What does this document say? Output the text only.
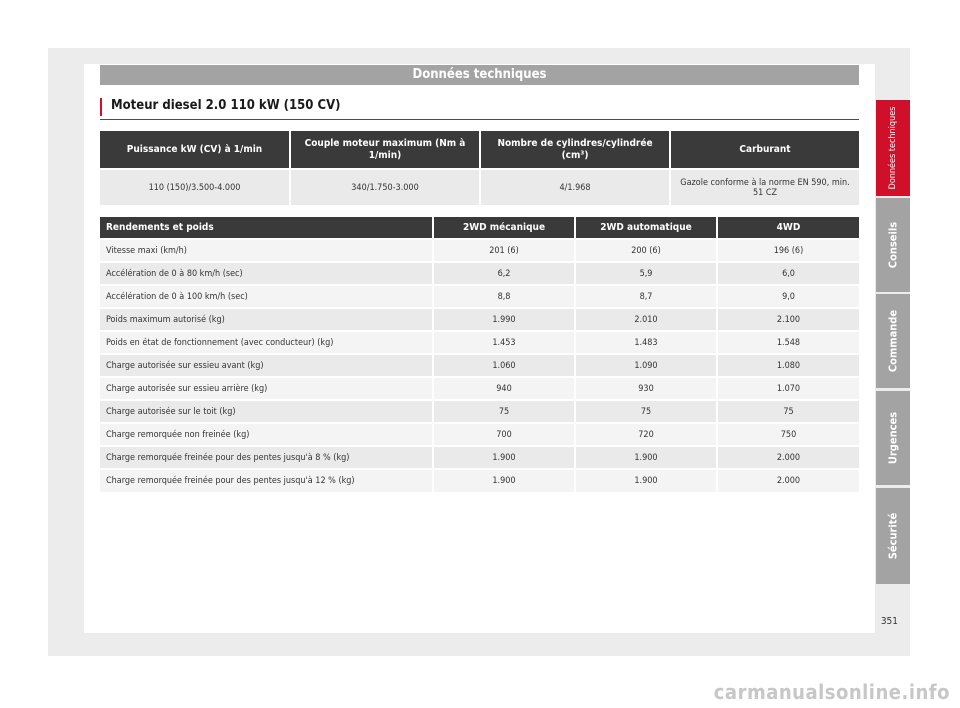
Données techniques
Moteur diesel 2.0 110 kW (150 CV)
Puissance kW (CV) à 1/min	Couple moteur maximum (Nm à 1/min)	Nombre de cylindres/cylindrée (cm³)	Carburant
110 (150)/3.500-4.000	340/1.750-3.000	4/1.968	Gazole conforme à la norme EN 590, min. 51 CZ
Rendements et poids	2WD mécanique	2WD automatique	4WD
Vitesse maxi (km/h)	201 (6)	200 (6)	196 (6)
Accélération de 0 à 80 km/h (sec)	6,2	5,9	6,0
Accélération de 0 à 100 km/h (sec)	8,8	8,7	9,0
Poids maximum autorisé (kg)	1.990	2.010	2.100
Poids en état de fonctionnement (avec conducteur) (kg)	1.453	1.483	1.548
Charge autorisée sur essieu avant (kg)	1.060	1.090	1.080
Charge autorisée sur essieu arrière (kg)	940	930	1.070
Charge autorisée sur le toit (kg)	75	75	75
Charge remorquée non freinée (kg)	700	720	750
Charge remorquée freinée pour des pentes jusqu'à 8 % (kg)	1.900	1.900	2.000
Charge remorquée freinée pour des pentes jusqu'à 12 % (kg)	1.900	1.900	2.000
Données techniques
Conseils
Commande
Urgences
Sécurité
351
carmanualsonline.info
